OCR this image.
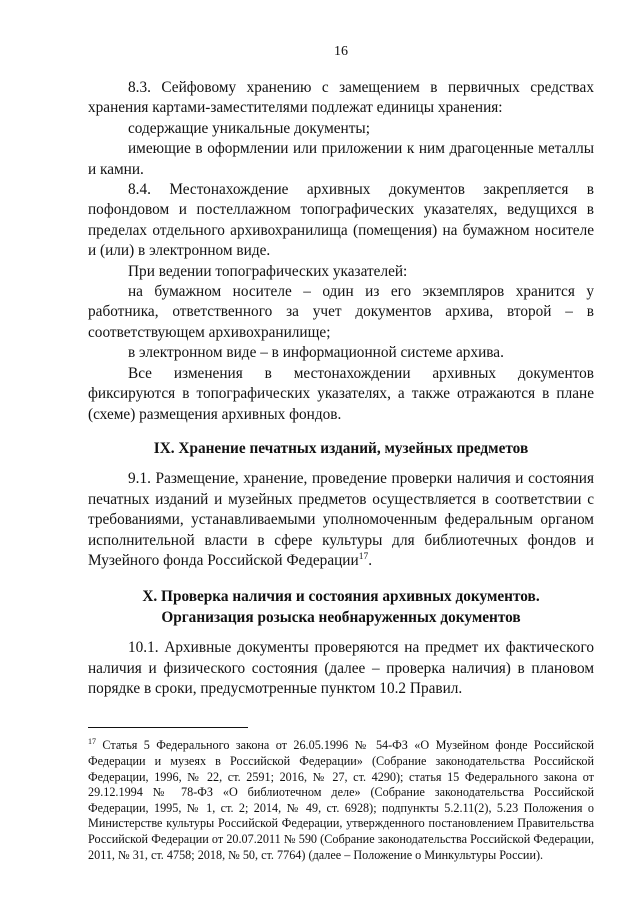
16

8.3. Сейфовому хранению с замещением в первичных средствах хранения картами-заместителями подлежат единицы хранения:

содержащие уникальные документы;

имеющие в оформлении или приложении к ним драгоценные металлы и камни.

8.4. Местонахождение архивных документов закрепляется в пофондовом и постеллажном топографических указателях, ведущихся в пределах отдельного архивохранилища (помещения) на бумажном носителе и (или) в электронном виде.

При ведении топографических указателей:

на бумажном носителе – один из его экземпляров хранится у работника, ответственного за учет документов архива, второй – в соответствующем архивохранилище;

в электронном виде – в информационной системе архива.

Все изменения в местонахождении архивных документов фиксируются в топографических указателях, а также отражаются в плане (схеме) размещения архивных фондов.

IX. Хранение печатных изданий, музейных предметов

9.1. Размещение, хранение, проведение проверки наличия и состояния печатных изданий и музейных предметов осуществляется в соответствии с требованиями, устанавливаемыми уполномоченным федеральным органом исполнительной власти в сфере культуры для библиотечных фондов и Музейного фонда Российской Федерации$^{17}$.

X. Проверка наличия и состояния архивных документов.
Организация розыска необнаруженных документов

10.1. Архивные документы проверяются на предмет их фактического наличия и физического состояния (далее – проверка наличия) в плановом порядке в сроки, предусмотренные пунктом 10.2 Правил.

$^{17}$ Статья 5 Федерального закона от 26.05.1996 № 54-ФЗ «О Музейном фонде Российской Федерации и музеях в Российской Федерации» (Собрание законодательства Российской Федерации, 1996, № 22, ст. 2591; 2016, № 27, ст. 4290); статья 15 Федерального закона от 29.12.1994 № 78-ФЗ «О библиотечном деле» (Собрание законодательства Российской Федерации, 1995, № 1, ст. 2; 2014, № 49, ст. 6928); подпункты 5.2.11(2), 5.23 Положения о Министерстве культуры Российской Федерации, утвержденного постановлением Правительства Российской Федерации от 20.07.2011 № 590 (Собрание законодательства Российской Федерации, 2011, № 31, ст. 4758; 2018, № 50, ст. 7764) (далее – Положение о Минкультуры России).
